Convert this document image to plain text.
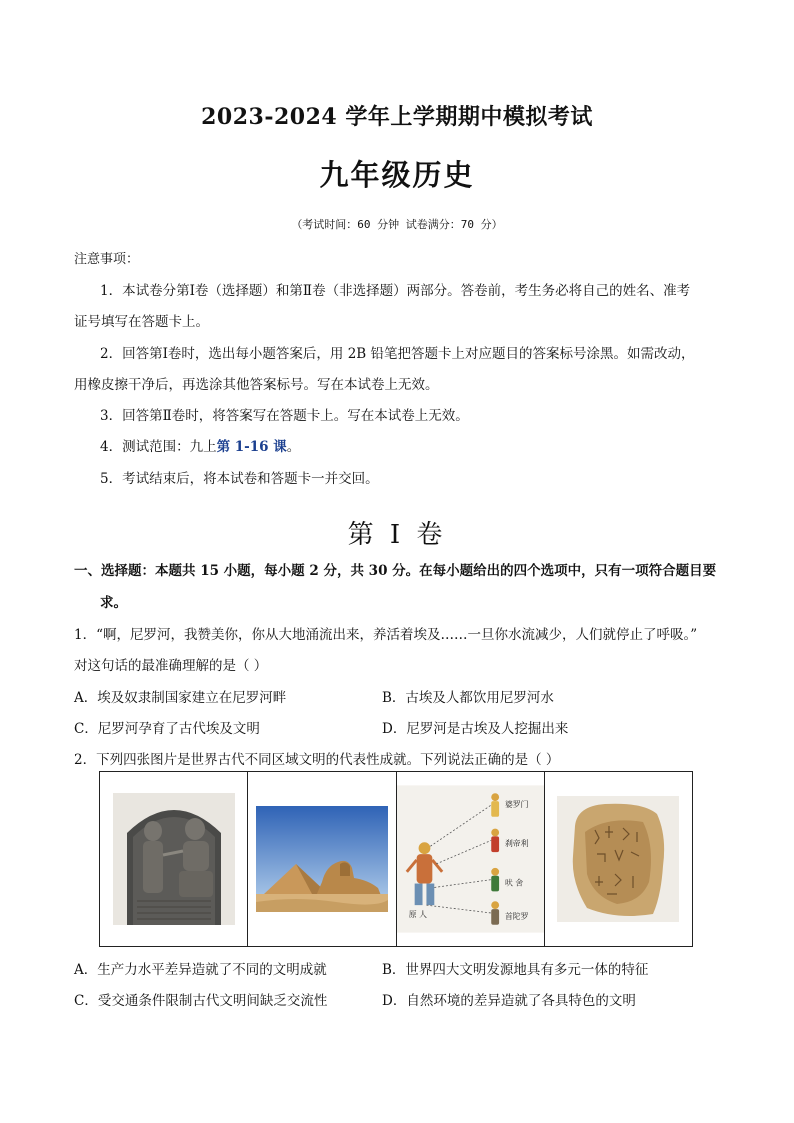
2023-2024 学年上学期期中模拟考试
九年级历史
（考试时间：60 分钟 试卷满分：70 分）
注意事项：
1．本试卷分第Ⅰ卷（选择题）和第Ⅱ卷（非选择题）两部分。答卷前，考生务必将自己的姓名、准考
证号填写在答题卡上。
2．回答第Ⅰ卷时，选出每小题答案后，用 2B 铅笔把答题卡上对应题目的答案标号涂黑。如需改动，
用橡皮擦干净后，再选涂其他答案标号。写在本试卷上无效。
3．回答第Ⅱ卷时，将答案写在答题卡上。写在本试卷上无效。
4．测试范围：九上第 1-16 课。
5．考试结束后，将本试卷和答题卡一并交回。
第 I 卷
一、选择题：本题共 15 小题，每小题 2 分，共 30 分。在每小题给出的四个选项中，只有一项符合题目要
求。
1．“啊，尼罗河，我赞美你，你从大地涌流出来，养活着埃及……一旦你水流减少，人们就停止了呼吸。”
对这句话的最准确理解的是（ ）
A．埃及奴隶制国家建立在尼罗河畔	B．古埃及人都饮用尼罗河水
C．尼罗河孕育了古代埃及文明	D．尼罗河是古埃及人挖掘出来
2．下列四张图片是世界古代不同区域文明的代表性成就。下列说法正确的是（ ）
婆罗门
刹帝利
吠 舍
首陀罗
原 人
A．生产力水平差异造就了不同的文明成就	B．世界四大文明发源地具有多元一体的特征
C．受交通条件限制古代文明间缺乏交流性	D．自然环境的差异造就了各具特色的文明
